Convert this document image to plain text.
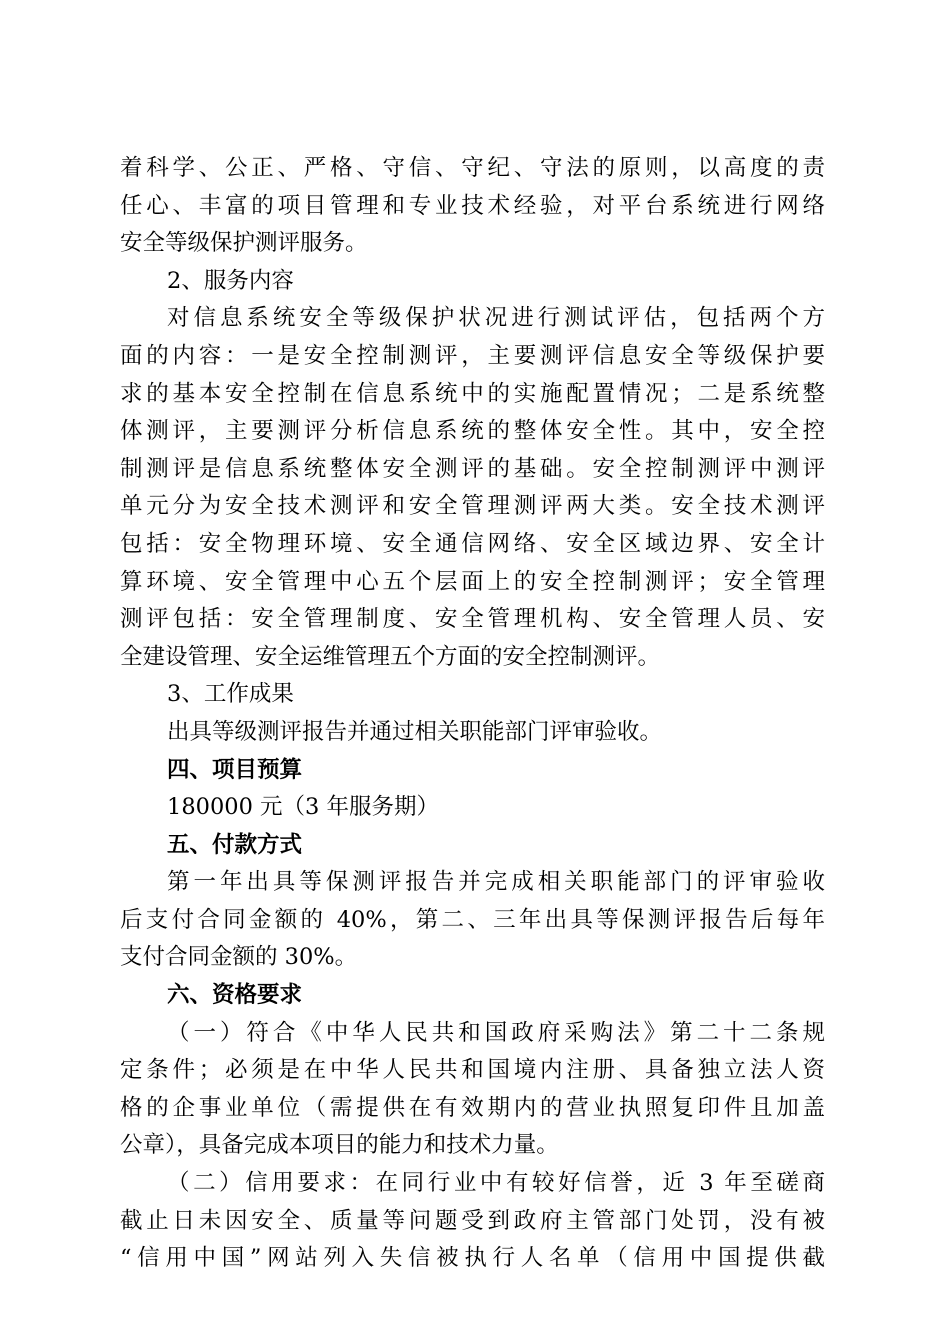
着科学、公正、严格、守信、守纪、守法的原则，以高度的责
任心、丰富的项目管理和专业技术经验，对平台系统进行网络
安全等级保护测评服务。
2、服务内容
对信息系统安全等级保护状况进行测试评估，包括两个方
面的内容：一是安全控制测评，主要测评信息安全等级保护要
求的基本安全控制在信息系统中的实施配置情况；二是系统整
体测评，主要测评分析信息系统的整体安全性。其中，安全控
制测评是信息系统整体安全测评的基础。安全控制测评中测评
单元分为安全技术测评和安全管理测评两大类。安全技术测评
包括：安全物理环境、安全通信网络、安全区域边界、安全计
算环境、安全管理中心五个层面上的安全控制测评；安全管理
测评包括：安全管理制度、安全管理机构、安全管理人员、安
全建设管理、安全运维管理五个方面的安全控制测评。
3、工作成果
出具等级测评报告并通过相关职能部门评审验收。
四、项目预算
180000 元（3 年服务期）
五、付款方式
第一年出具等保测评报告并完成相关职能部门的评审验收
后支付合同金额的 40%，第二、三年出具等保测评报告后每年
支付合同金额的 30%。
六、资格要求
（一）符合《中华人民共和国政府采购法》第二十二条规
定条件；必须是在中华人民共和国境内注册、具备独立法人资
格的企事业单位（需提供在有效期内的营业执照复印件且加盖
公章），具备完成本项目的能力和技术力量。
（二）信用要求：在同行业中有较好信誉，近 3 年至磋商
截止日未因安全、质量等问题受到政府主管部门处罚，没有被
“信用中国”网站列入失信被执行人名单（信用中国提供截
